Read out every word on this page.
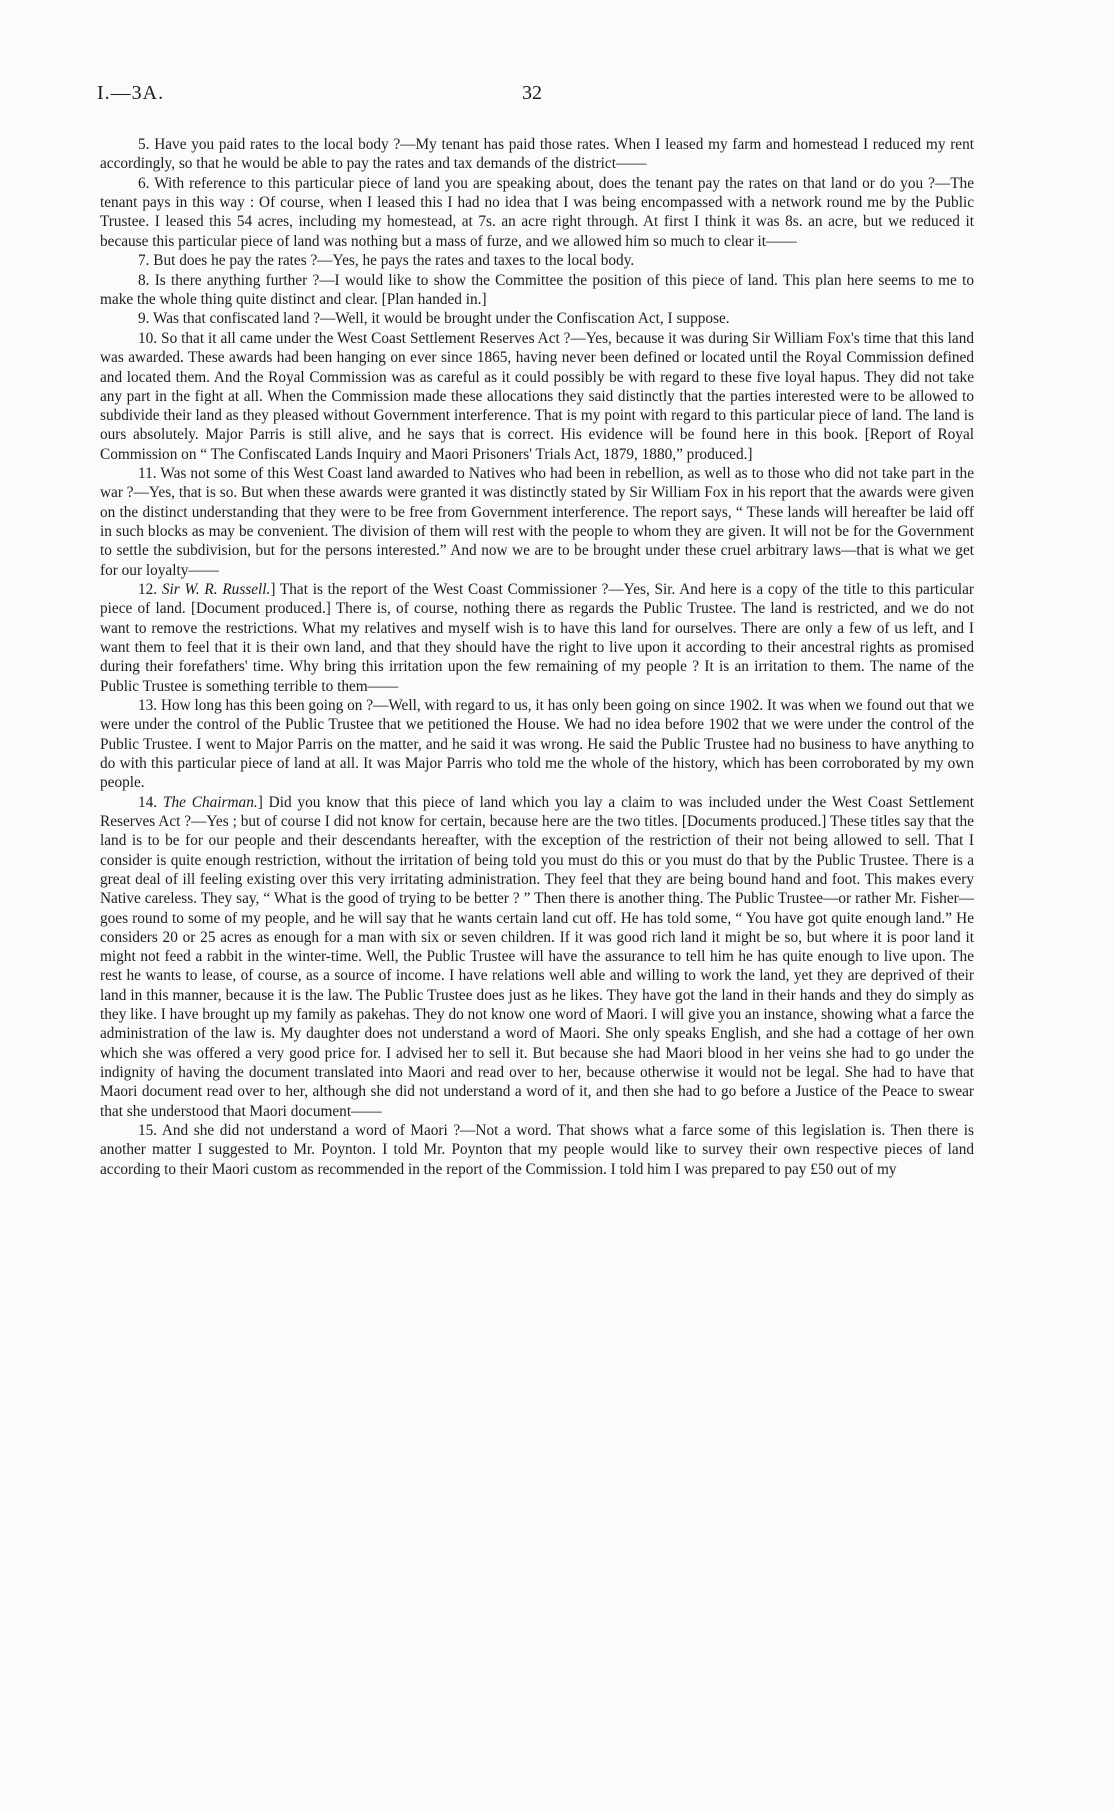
I.—3A.	32

5. Have you paid rates to the local body ?—My tenant has paid those rates. When I leased my farm and homestead I reduced my rent accordingly, so that he would be able to pay the rates and tax demands of the district——

6. With reference to this particular piece of land you are speaking about, does the tenant pay the rates on that land or do you ?—The tenant pays in this way : Of course, when I leased this I had no idea that I was being encompassed with a network round me by the Public Trustee. I leased this 54 acres, including my homestead, at 7s. an acre right through. At first I think it was 8s. an acre, but we reduced it because this particular piece of land was nothing but a mass of furze, and we allowed him so much to clear it——

7. But does he pay the rates ?—Yes, he pays the rates and taxes to the local body.

8. Is there anything further ?—I would like to show the Committee the position of this piece of land. This plan here seems to me to make the whole thing quite distinct and clear. [Plan handed in.]

9. Was that confiscated land ?—Well, it would be brought under the Confiscation Act, I suppose.

10. So that it all came under the West Coast Settlement Reserves Act ?—Yes, because it was during Sir William Fox's time that this land was awarded. These awards had been hanging on ever since 1865, having never been defined or located until the Royal Commission defined and located them. And the Royal Commission was as careful as it could possibly be with regard to these five loyal hapus. They did not take any part in the fight at all. When the Commission made these allocations they said distinctly that the parties interested were to be allowed to subdivide their land as they pleased without Government interference. That is my point with regard to this particular piece of land. The land is ours absolutely. Major Parris is still alive, and he says that is correct. His evidence will be found here in this book. [Report of Royal Commission on “ The Confiscated Lands Inquiry and Maori Prisoners' Trials Act, 1879, 1880,” produced.]

11. Was not some of this West Coast land awarded to Natives who had been in rebellion, as well as to those who did not take part in the war ?—Yes, that is so. But when these awards were granted it was distinctly stated by Sir William Fox in his report that the awards were given on the distinct understanding that they were to be free from Government interference. The report says, “ These lands will hereafter be laid off in such blocks as may be convenient. The division of them will rest with the people to whom they are given. It will not be for the Government to settle the subdivision, but for the persons interested.” And now we are to be brought under these cruel arbitrary laws—that is what we get for our loyalty——

12. Sir W. R. Russell.] That is the report of the West Coast Commissioner ?—Yes, Sir. And here is a copy of the title to this particular piece of land. [Document produced.] There is, of course, nothing there as regards the Public Trustee. The land is restricted, and we do not want to remove the restrictions. What my relatives and myself wish is to have this land for ourselves. There are only a few of us left, and I want them to feel that it is their own land, and that they should have the right to live upon it according to their ancestral rights as promised during their forefathers' time. Why bring this irritation upon the few remaining of my people ? It is an irritation to them. The name of the Public Trustee is something terrible to them——

13. How long has this been going on ?—Well, with regard to us, it has only been going on since 1902. It was when we found out that we were under the control of the Public Trustee that we petitioned the House. We had no idea before 1902 that we were under the control of the Public Trustee. I went to Major Parris on the matter, and he said it was wrong. He said the Public Trustee had no business to have anything to do with this particular piece of land at all. It was Major Parris who told me the whole of the history, which has been corroborated by my own people.

14. The Chairman.] Did you know that this piece of land which you lay a claim to was included under the West Coast Settlement Reserves Act ?—Yes ; but of course I did not know for certain, because here are the two titles. [Documents produced.] These titles say that the land is to be for our people and their descendants hereafter, with the exception of the restriction of their not being allowed to sell. That I consider is quite enough restriction, without the irritation of being told you must do this or you must do that by the Public Trustee. There is a great deal of ill feeling existing over this very irritating administration. They feel that they are being bound hand and foot. This makes every Native careless. They say, “ What is the good of trying to be better ? ” Then there is another thing. The Public Trustee—or rather Mr. Fisher—goes round to some of my people, and he will say that he wants certain land cut off. He has told some, “ You have got quite enough land.” He considers 20 or 25 acres as enough for a man with six or seven children. If it was good rich land it might be so, but where it is poor land it might not feed a rabbit in the winter-time. Well, the Public Trustee will have the assurance to tell him he has quite enough to live upon. The rest he wants to lease, of course, as a source of income. I have relations well able and willing to work the land, yet they are deprived of their land in this manner, because it is the law. The Public Trustee does just as he likes. They have got the land in their hands and they do simply as they like. I have brought up my family as pakehas. They do not know one word of Maori. I will give you an instance, showing what a farce the administration of the law is. My daughter does not understand a word of Maori. She only speaks English, and she had a cottage of her own which she was offered a very good price for. I advised her to sell it. But because she had Maori blood in her veins she had to go under the indignity of having the document translated into Maori and read over to her, because otherwise it would not be legal. She had to have that Maori document read over to her, although she did not understand a word of it, and then she had to go before a Justice of the Peace to swear that she understood that Maori document——

15. And she did not understand a word of Maori ?—Not a word. That shows what a farce some of this legislation is. Then there is another matter I suggested to Mr. Poynton. I told Mr. Poynton that my people would like to survey their own respective pieces of land according to their Maori custom as recommended in the report of the Commission. I told him I was prepared to pay £50 out of my
